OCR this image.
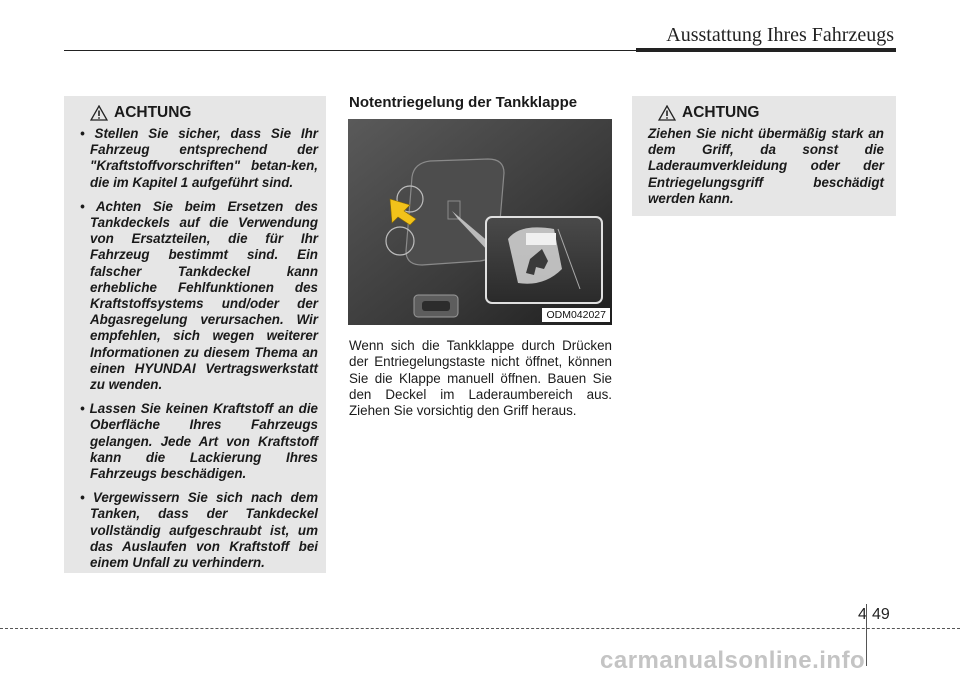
Ausstattung Ihres Fahrzeugs
ACHTUNG
• Stellen Sie sicher, dass Sie Ihr Fahrzeug entsprechend der "Kraftstoffvorschriften" betan-ken, die im Kapitel 1 aufgeführt sind.
• Achten Sie beim Ersetzen des Tankdeckels auf die Verwendung von Ersatzteilen, die für Ihr Fahrzeug bestimmt sind. Ein falscher Tankdeckel kann erhebliche Fehlfunktionen des Kraftstoffsystems und/oder der Abgasregelung verursachen. Wir empfehlen, sich wegen weiterer Informationen zu diesem Thema an einen HYUNDAI Vertragswerkstatt zu wenden.
• Lassen Sie keinen Kraftstoff an die Oberfläche Ihres Fahrzeugs gelangen. Jede Art von Kraftstoff kann die Lackierung Ihres Fahrzeugs beschädigen.
• Vergewissern Sie sich nach dem Tanken, dass der Tankdeckel vollständig aufgeschraubt ist, um das Auslaufen von Kraftstoff bei einem Unfall zu verhindern.
Notentriegelung der Tankklappe
ODM042027

Wenn sich die Tankklappe durch Drücken der Entriegelungstaste nicht öffnet, können Sie die Klappe manuell öffnen. Bauen Sie den Deckel im Laderaumbereich aus. Ziehen Sie vorsichtig den Griff heraus.

ACHTUNG

Ziehen Sie nicht übermäßig stark an dem Griff, da sonst die Laderaumverkleidung oder der Entriegelungsgriff beschädigt werden kann.

4 49
carmanualsonline.info
